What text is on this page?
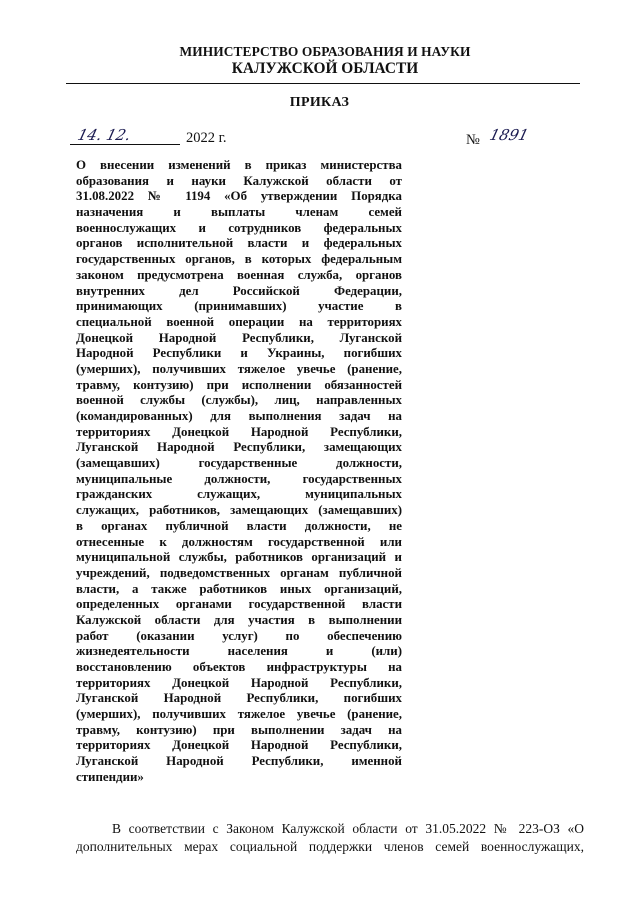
МИНИСТЕРСТВО ОБРАЗОВАНИЯ И НАУКИ
КАЛУЖСКОЙ ОБЛАСТИ
ПРИКАЗ
14. 12.	2022 г.	№ 1891

О внесении изменений в приказ министерства

образования и науки Калужской области от

31.08.2022 № 1194 «Об утверждении Порядка

назначения и выплаты членам семей

военнослужащих и сотрудников федеральных

органов исполнительной власти и федеральных

государственных органов, в которых федеральным

законом предусмотрена военная служба, органов

внутренних дел Российской Федерации,

принимающих (принимавших) участие в

специальной военной операции на территориях

Донецкой Народной Республики, Луганской

Народной Республики и Украины, погибших

(умерших), получивших тяжелое увечье (ранение,

травму, контузию) при исполнении обязанностей

военной службы (службы), лиц, направленных

(командированных) для выполнения задач на

территориях Донецкой Народной Республики,

Луганской Народной Республики, замещающих

(замещавших) государственные должности,

муниципальные должности, государственных

гражданских служащих, муниципальных

служащих, работников, замещающих (замещавших)

в органах публичной власти должности, не

отнесенные к должностям государственной или

муниципальной службы, работников организаций и

учреждений, подведомственных органам публичной

власти, а также работников иных организаций,

определенных органами государственной власти

Калужской области для участия в выполнении

работ (оказании услуг) по обеспечению

жизнедеятельности населения и (или)

восстановлению объектов инфраструктуры на

территориях Донецкой Народной Республики,

Луганской Народной Республики, погибших

(умерших), получивших тяжелое увечье (ранение,

травму, контузию) при выполнении задач на

территориях Донецкой Народной Республики,

Луганской Народной Республики, именной

стипендии»

В соответствии с Законом Калужской области от 31.05.2022 № 223-ОЗ «О

дополнительных мерах социальной поддержки членов семей военнослужащих,
